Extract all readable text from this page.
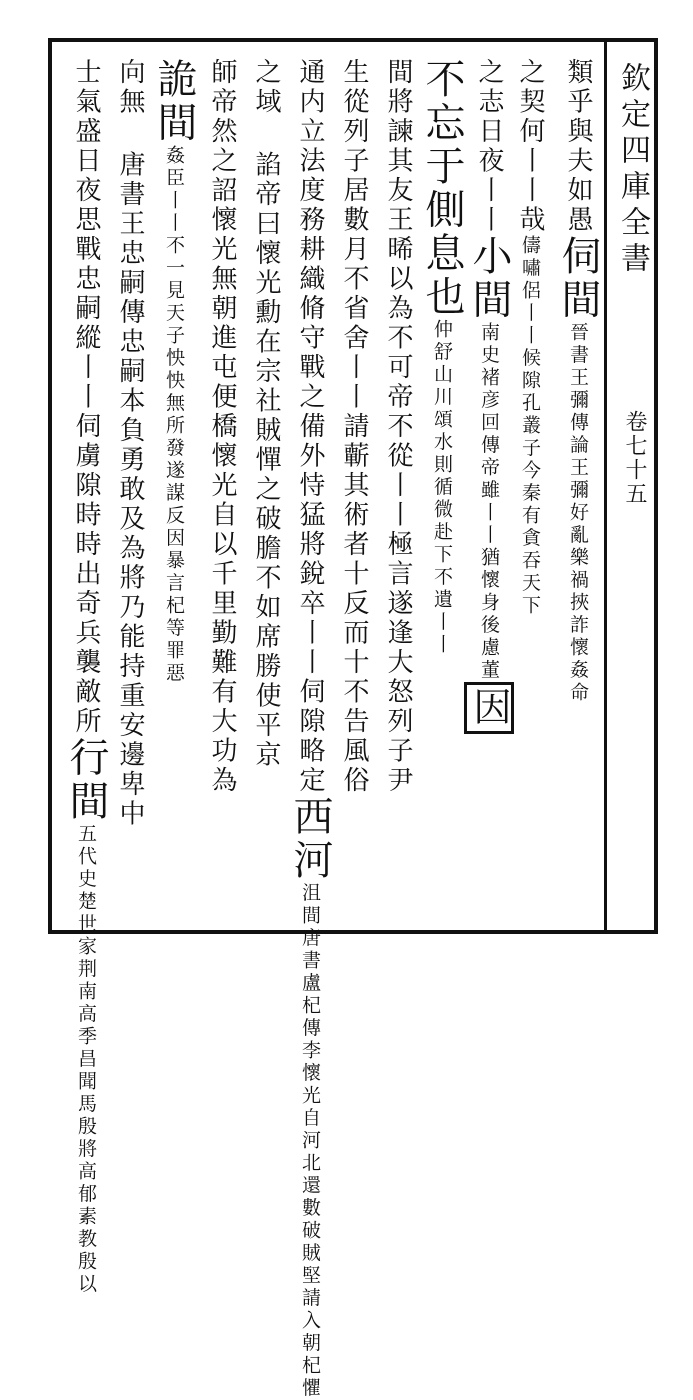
欽定四庫全書
卷七十五
類乎與夫如愚伺間晉書王彌傳論王彌好亂樂禍挾詐懷姦命
之契何丨丨哉儔嘯侶丨丨候隙孔叢子今秦有貪吞天下
之志日夜丨丨小間南史褚彦回傳帝雖丨丨猶懷身後慮董因
不忘于側息也仲舒山川頌水則循微赴下不遺丨丨
間將諫其友王晞以為不可帝不從丨丨極言遂逢大怒列子尹
生從列子居數月不省舍丨丨請蘄其術者十反而十不告風俗
通内立法度務耕織脩守戰之備外恃猛將銳卒丨丨伺隙略定西河沮間唐書盧杞傳李懷光自河北還數破賊堅請入朝杞懼
之域 諂帝曰懷光勳在宗社賊憚之破膽不如席勝使平京
師帝然之詔懷光無朝進屯便橋懷光自以千里勤難有大功為
詭間姦臣丨丨不一見天子怏怏無所發遂謀反因暴言杞等罪惡
向無 唐書王忠嗣傳忠嗣本負勇敢及為將乃能持重安邊卑中
士氣盛日夜思戰忠嗣縱丨丨伺虜隙時時出奇兵襲敵所行間五代史楚世家荆南高季昌聞馬殷將高郁素教殷以
